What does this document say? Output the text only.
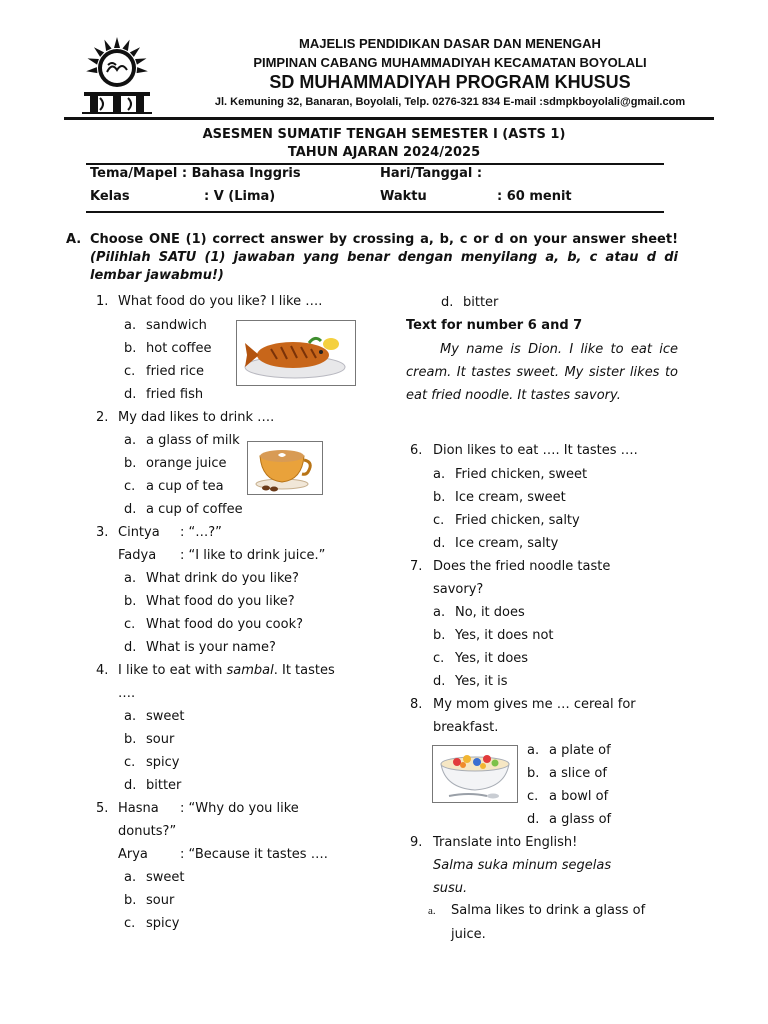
MAJELIS PENDIDIKAN DASAR DAN MENENGAH
PIMPINAN CABANG MUHAMMADIYAH KECAMATAN BOYOLALI
SD MUHAMMADIYAH PROGRAM KHUSUS
Jl. Kemuning 32, Banaran, Boyolali, Telp. 0276-321 834 E-mail :sdmpkboyolali@gmail.com
ASESMEN SUMATIF TENGAH SEMESTER I (ASTS 1)
TAHUN AJARAN 2024/2025
Tema/Mapel : Bahasa Inggris	Hari/Tanggal :
Kelas	: V (Lima)	Waktu	: 60 menit
A. Choose ONE (1) correct answer by crossing a, b, c or d on your answer sheet! (Pilihlah SATU (1) jawaban yang benar dengan menyilang a, b, c atau d di lembar jawabmu!)
1. What food do you like? I like ….
a. sandwich
b. hot coffee
c. fried rice
d. fried fish
2. My dad likes to drink ….
a. a glass of milk
b. orange juice
c. a cup of tea
d. a cup of coffee
3. Cintya : “…?”
Fadya : “I like to drink juice.”
a. What drink do you like?
b. What food do you like?
c. What food do you cook?
d. What is your name?
4. I like to eat with sambal. It tastes
….
a. sweet
b. sour
c. spicy
d. bitter
5. Hasna : “Why do you like
donuts?”
Arya : “Because it tastes ….
a. sweet
b. sour
c. spicy
d. bitter
Text for number 6 and 7
My name is Dion. I like to eat ice cream. It tastes sweet. My sister likes to eat fried noodle. It tastes savory.
6. Dion likes to eat …. It tastes ….
a. Fried chicken, sweet
b. Ice cream, sweet
c. Fried chicken, salty
d. Ice cream, salty
7. Does the fried noodle taste
savory?
a. No, it does
b. Yes, it does not
c. Yes, it does
d. Yes, it is
8. My mom gives me … cereal for
breakfast.
a. a plate of
b. a slice of
c. a bowl of
d. a glass of
9. Translate into English!
Salma suka minum segelas
susu.
a. Salma likes to drink a glass of
juice.
